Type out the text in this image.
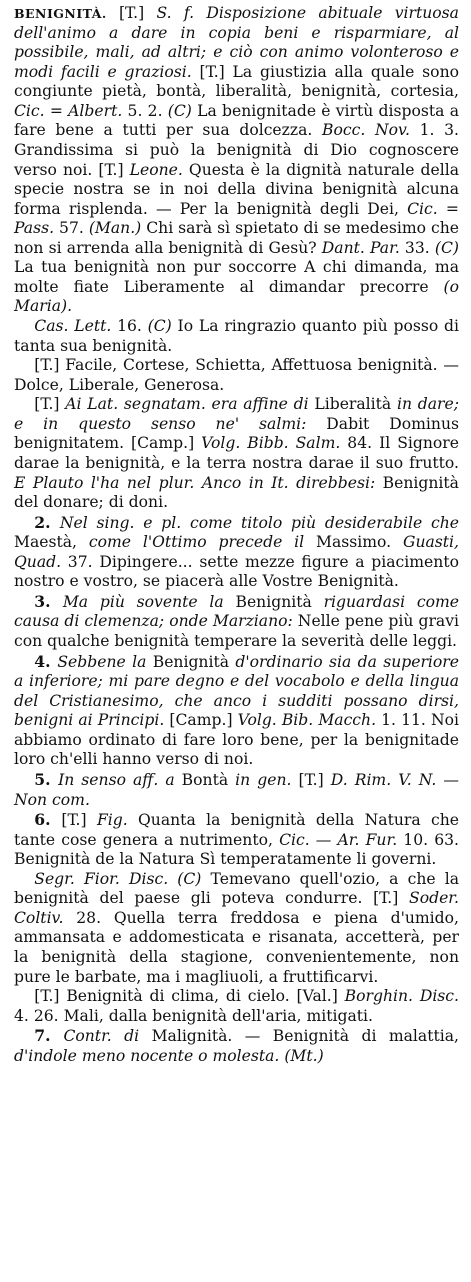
BENIGNITÀ. [T.] S. f. Disposizione abituale virtuosa dell'animo a dare in copia beni e risparmiare, al possibile, mali, ad altri; e ciò con animo volonteroso e modi facili e graziosi. [T.] La giustizia alla quale sono congiunte pietà, bontà, liberalità, benignità, cortesia, Cic. = Albert. 5. 2. (C) La benignitade è virtù disposta a fare bene a tutti per sua dolcezza. Bocc. Nov. 1. 3. Grandissima si può la benignità di Dio cognoscere verso noi. [T.] Leone. Questa è la dignità naturale della specie nostra se in noi della divina benignità alcuna forma risplenda. — Per la benignità degli Dei, Cic. = Pass. 57. (Man.) Chi sarà sì spietato di se medesimo che non si arrenda alla benignità di Gesù? Dant. Par. 33. (C) La tua benignità non pur soccorre A chi dimanda, ma molte fiate Liberamente al dimandar precorre (o Maria).

Cas. Lett. 16. (C) Io La ringrazio quanto più posso di tanta sua benignità.

[T.] Facile, Cortese, Schietta, Affettuosa benignità. — Dolce, Liberale, Generosa.

[T.] Ai Lat. segnatam. era affine di Liberalità in dare; e in questo senso ne' salmi: Dabit Dominus benignitatem. [Camp.] Volg. Bibb. Salm. 84. Il Signore darae la benignità, e la terra nostra darae il suo frutto. E Plauto l'ha nel plur. Anco in It. direbbesi: Benignità del donare; di doni.

2. Nel sing. e pl. come titolo più desiderabile che Maestà, come l'Ottimo precede il Massimo. Guasti, Quad. 37. Dipingere... sette mezze figure a piacimento nostro e vostro, se piacerà alle Vostre Benignità.

3. Ma più sovente la Benignità riguardasi come causa di clemenza; onde Marziano: Nelle pene più gravi con qualche benignità temperare la severità delle leggi.

4. Sebbene la Benignità d'ordinario sia da superiore a inferiore; mi pare degno e del vocabolo e della lingua del Cristianesimo, che anco i sudditi possano dirsi, benigni ai Principi. [Camp.] Volg. Bib. Macch. 1. 11. Noi abbiamo ordinato di fare loro bene, per la benignitade loro ch'elli hanno verso di noi.

5. In senso aff. a Bontà in gen. [T.] D. Rim. V. N. — Non com.

6. [T.] Fig. Quanta la benignità della Natura che tante cose genera a nutrimento, Cic. — Ar. Fur. 10. 63. Benignità de la Natura Sì temperatamente li governi.

Segr. Fior. Disc. (C) Temevano quell'ozio, a che la benignità del paese gli poteva condurre. [T.] Soder. Coltiv. 28. Quella terra freddosa e piena d'umido, ammansata e addomesticata e risanata, accetterà, per la benignità della stagione, convenientemente, non pure le barbate, ma i magliuoli, a fruttificarvi.

[T.] Benignità di clima, di cielo. [Val.] Borghin. Disc. 4. 26. Mali, dalla benignità dell'aria, mitigati.

7. Contr. di Malignità. — Benignità di malattia, d'indole meno nocente o molesta. (Mt.)
